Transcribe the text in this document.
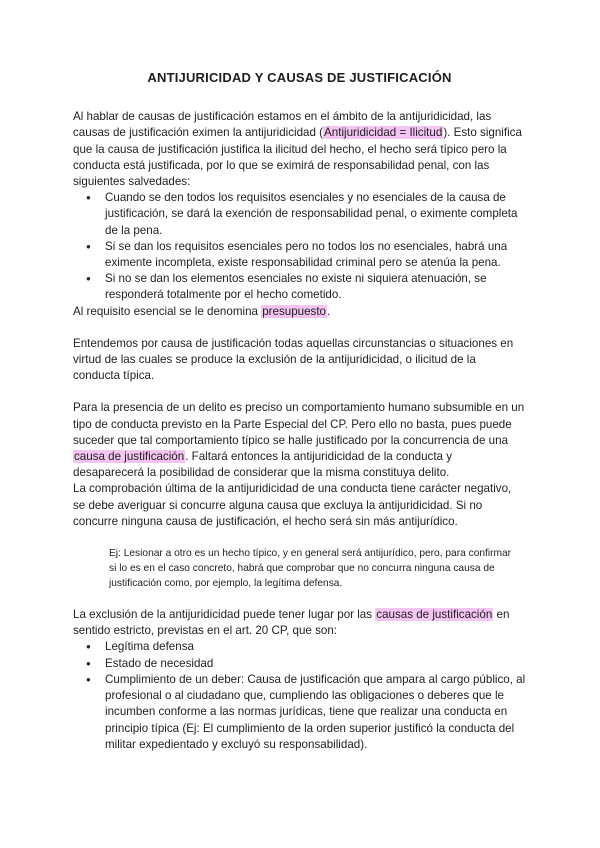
ANTIJURICIDAD Y CAUSAS DE JUSTIFICACIÓN

Al hablar de causas de justificación estamos en el ámbito de la antijuridicidad, las causas de justificación eximen la antijuridicidad (Antijuridicidad = Ilicitud). Esto significa que la causa de justificación justifica la ilicitud del hecho, el hecho será típico pero la conducta está justificada, por lo que se eximirá de responsabilidad penal, con las siguientes salvedades:

● Cuando se den todos los requisitos esenciales y no esenciales de la causa de justificación, se dará la exención de responsabilidad penal, o eximente completa de la pena.
● Si se dan los requisitos esenciales pero no todos los no esenciales, habrá una eximente incompleta, existe responsabilidad criminal pero se atenúa la pena.
● Si no se dan los elementos esenciales no existe ni siquiera atenuación, se responderá totalmente por el hecho cometido.

Al requisito esencial se le denomina presupuesto.

Entendemos por causa de justificación todas aquellas circunstancias o situaciones en virtud de las cuales se produce la exclusión de la antijuridicidad, o ilicitud de la conducta típica.

Para la presencia de un delito es preciso un comportamiento humano subsumible en un tipo de conducta previsto en la Parte Especial del CP. Pero ello no basta, pues puede suceder que tal comportamiento típico se halle justificado por la concurrencia de una causa de justificación. Faltará entonces la antijuridicidad de la conducta y desaparecerá la posibilidad de considerar que la misma constituya delito.

La comprobación última de la antijuridicidad de una conducta tiene carácter negativo, se debe averiguar si concurre alguna causa que excluya la antijuridicidad. Si no concurre ninguna causa de justificación, el hecho será sin más antijurídico.

Ej: Lesionar a otro es un hecho típico, y en general será antijurídico, pero, para confirmar si lo es en el caso concreto, habrá que comprobar que no concurra ninguna causa de justificación como, por ejemplo, la legítima defensa.

La exclusión de la antijuridicidad puede tener lugar por las causas de justificación en sentido estricto, previstas en el art. 20 CP, que son:

● Legítima defensa
● Estado de necesidad
● Cumplimiento de un deber: Causa de justificación que ampara al cargo público, al profesional o al ciudadano que, cumpliendo las obligaciones o deberes que le incumben conforme a las normas jurídicas, tiene que realizar una conducta en principio típica (Ej: El cumplimiento de la orden superior justificó la conducta del militar expedientado y excluyó su responsabilidad).
